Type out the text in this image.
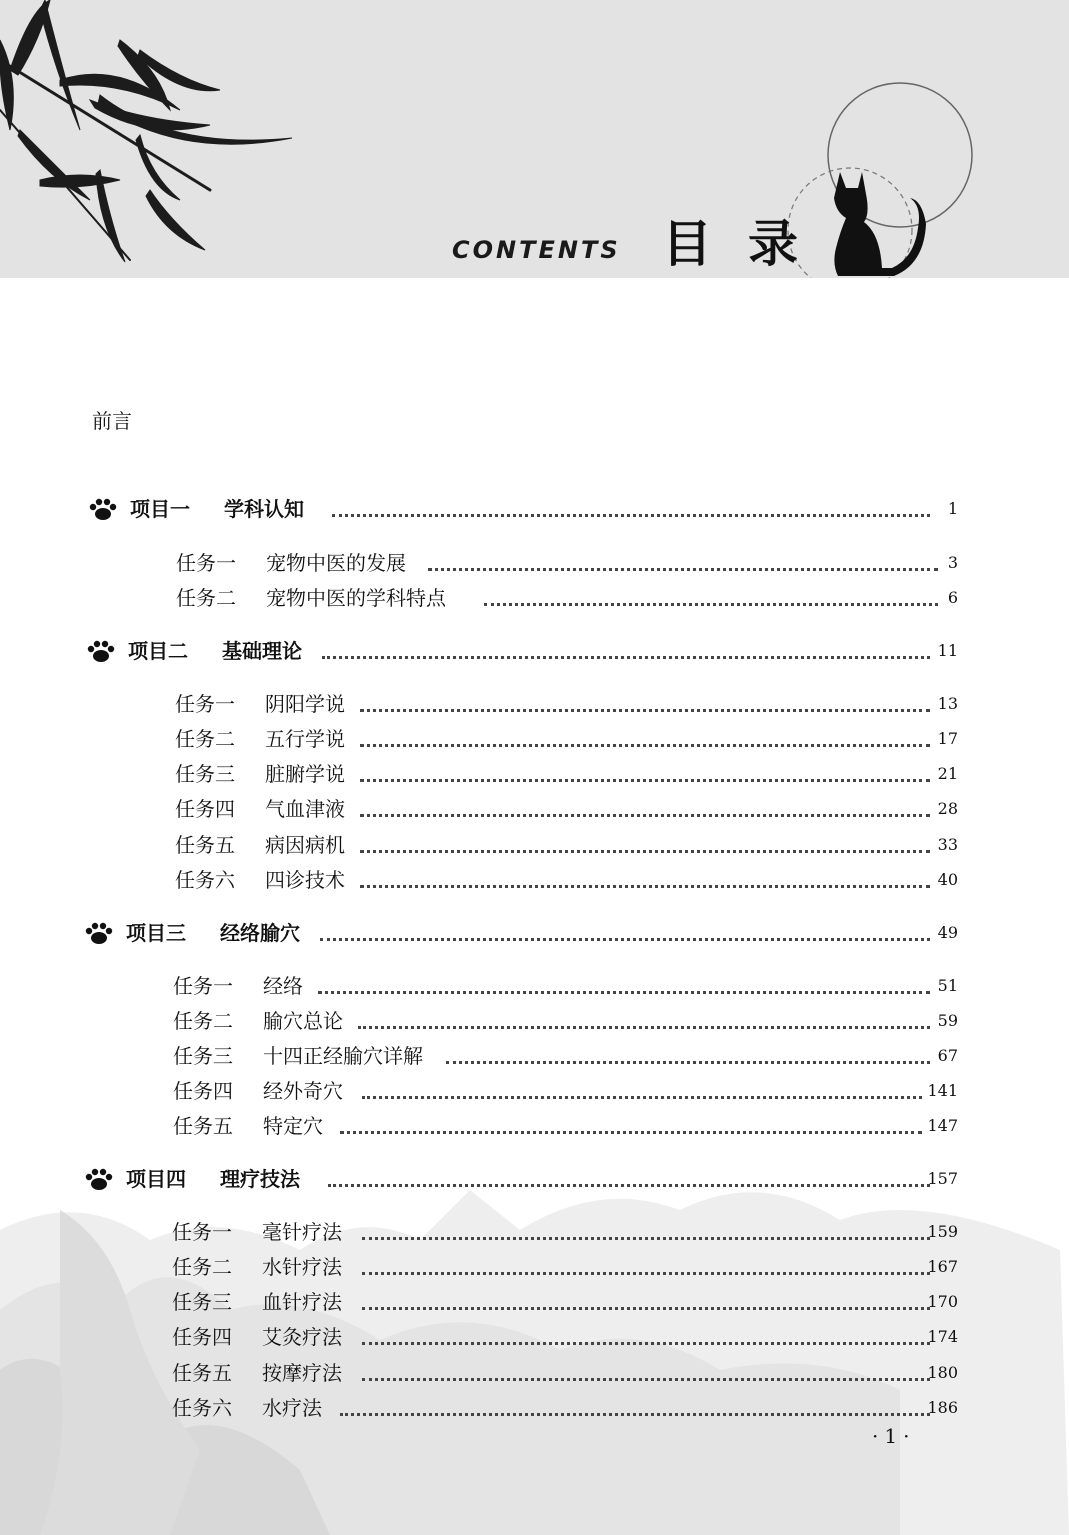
CONTENTS 目录
前言
项目一 学科认知	1
任务一 宠物中医的发展	3
任务二 宠物中医的学科特点	6
项目二 基础理论	11
任务一 阴阳学说	13
任务二 五行学说	17
任务三 脏腑学说	21
任务四 气血津液	28
任务五 病因病机	33
任务六 四诊技术	40
项目三 经络腧穴	49
任务一 经络	51
任务二 腧穴总论	59
任务三 十四正经腧穴详解	67
任务四 经外奇穴	141
任务五 特定穴	147
项目四 理疗技法	157
任务一 毫针疗法	159
任务二 水针疗法	167
任务三 血针疗法	170
任务四 艾灸疗法	174
任务五 按摩疗法	180
任务六 水疗法	186
·1·
